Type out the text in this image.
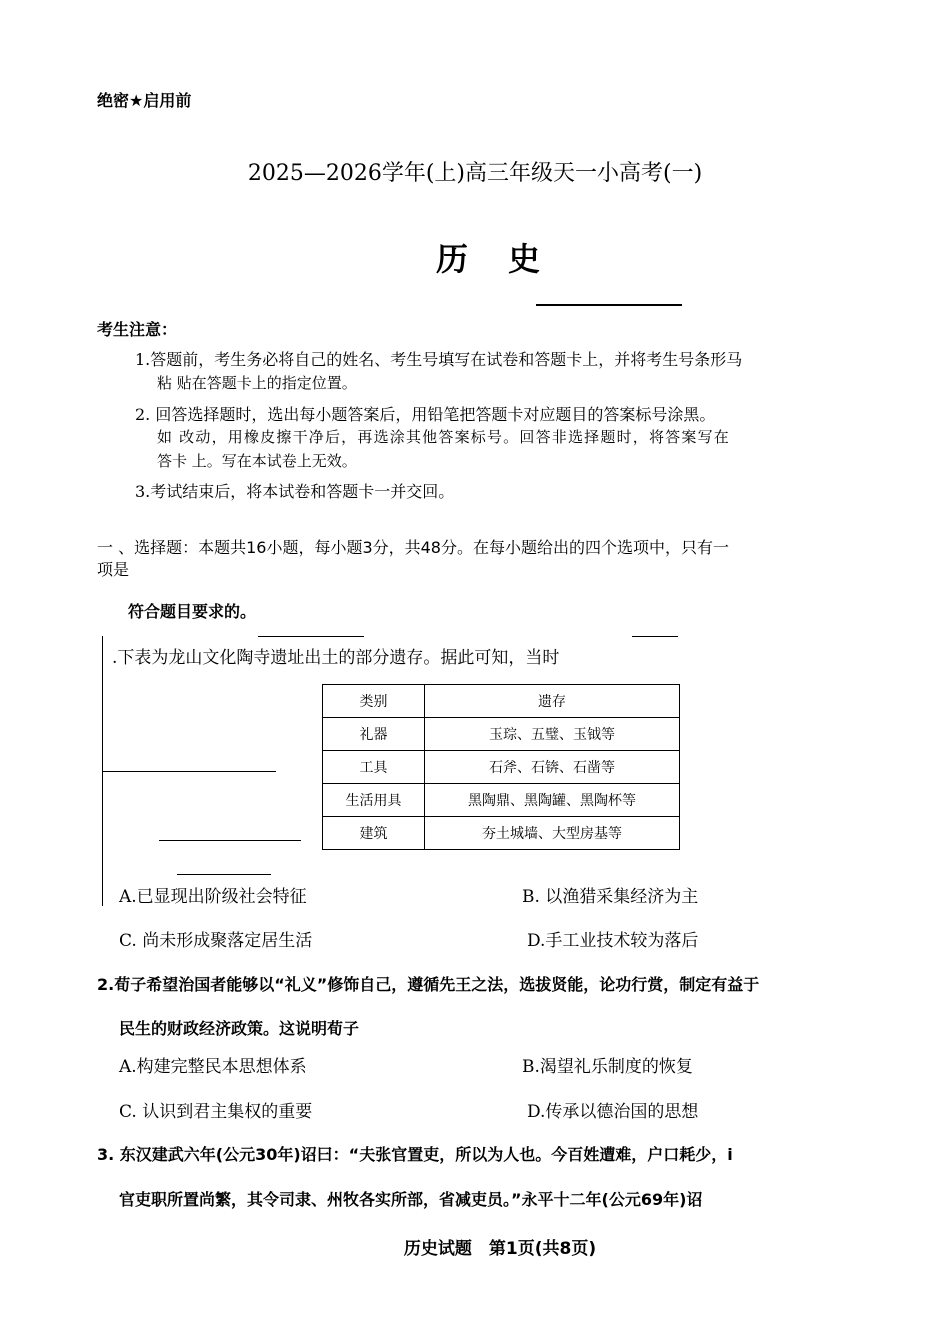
绝密★启用前
2025—2026学年(上)高三年级天一小高考(一)
历　史
考生注意：
1.答题前，考生务必将自己的姓名、考生号填写在试卷和答题卡上，并将考生号条形马
粘 贴在答题卡上的指定位置。
2. 回答选择题时，选出每小题答案后，用铅笔把答题卡对应题目的答案标号涂黑。
如 改动，用橡皮擦干净后，再选涂其他答案标号。回答非选择题时，将答案写在
答卡 上。写在本试卷上无效。
3.考试结束后，将本试卷和答题卡一并交回。
一 、选择题：本题共16小题，每小题3分，共48分。在每小题给出的四个选项中，只有一
项是
符合题目要求的。
.下表为龙山文化陶寺遗址出土的部分遗存。据此可知，当时
类别	遗存
礼器	玉琮、五璧、玉钺等
工具	石斧、石锛、石凿等
生活用具	黑陶鼎、黑陶罐、黑陶杯等
建筑	夯土城墙、大型房基等
A.已显现出阶级社会特征	B. 以渔猎采集经济为主
C. 尚未形成聚落定居生活	D.手工业技术较为落后
2.荀子希望治国者能够以“礼义”修饰自己，遵循先王之法，选拔贤能，论功行赏，制定有益于
民生的财政经济政策。这说明荀子
A.构建完整民本思想体系	B.渴望礼乐制度的恢复
C. 认识到君主集权的重要	D.传承以德治国的思想
3. 东汉建武六年(公元30年)诏曰：“夫张官置吏，所以为人也。今百姓遭难，户口耗少，i
官吏职所置尚繁，其令司隶、州牧各实所部，省减吏员。”永平十二年(公元69年)诏
历史试题　第1页(共8页)
